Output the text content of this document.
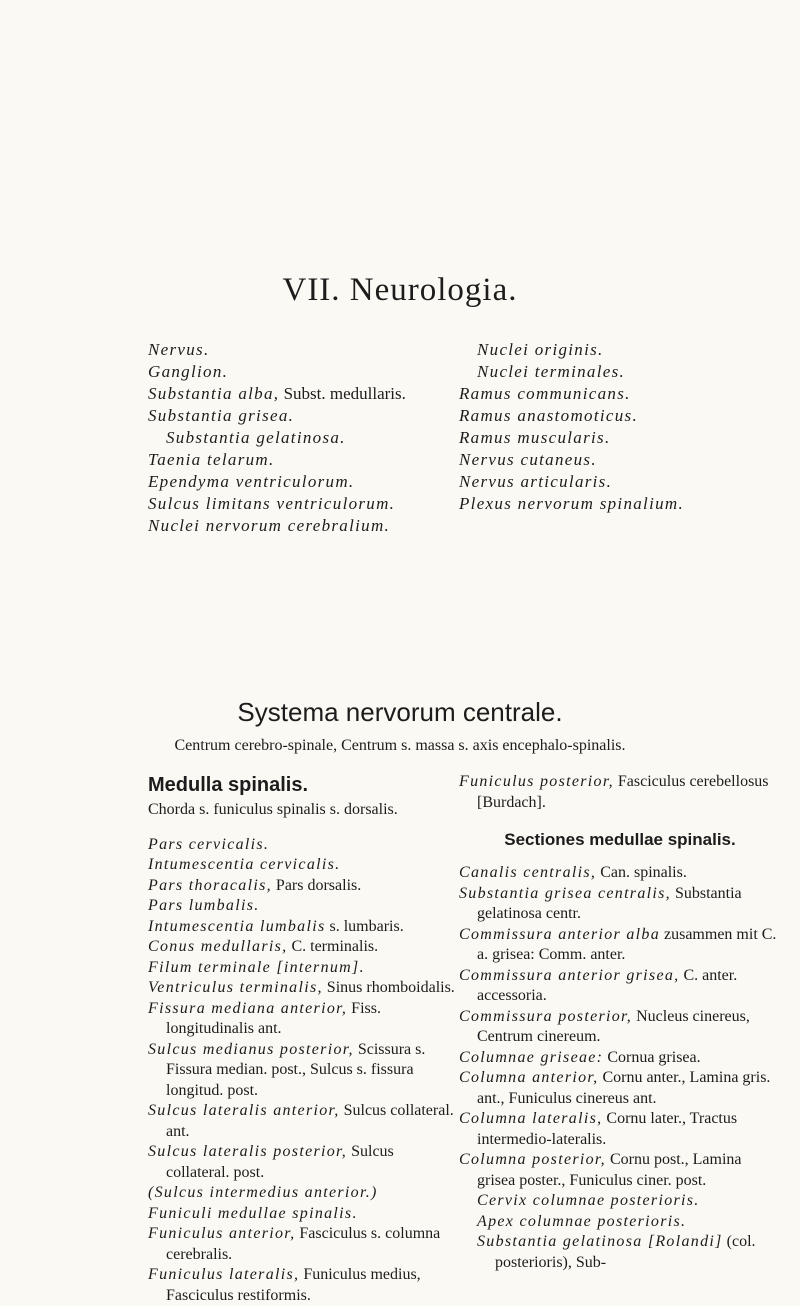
VII. Neurologia.
Nervus.
Ganglion.
Substantia alba, Subst. medullaris.
Substantia grisea.
Substantia gelatinosa.
Taenia telarum.
Ependyma ventriculorum.
Sulcus limitans ventriculorum.
Nuclei nervorum cerebralium.
Nuclei originis.
Nuclei terminales.
Ramus communicans.
Ramus anastomoticus.
Ramus muscularis.
Nervus cutaneus.
Nervus articularis.
Plexus nervorum spinalium.
Systema nervorum centrale.
Centrum cerebro-spinale, Centrum s. massa s. axis encephalo-spinalis.

Medulla spinalis.

Chorda s. funiculus spinalis s. dorsalis.

Pars cervicalis.

Intumescentia cervicalis.

Pars thoracalis, Pars dorsalis.

Pars lumbalis.

Intumescentia lumbalis s. lumbaris.

Conus medullaris, C. terminalis.

Filum terminale [internum].

Ventriculus terminalis, Sinus rhomboidalis.

Fissura mediana anterior, Fiss. longitudinalis ant.

Sulcus medianus posterior, Scissura s. Fissura median. post., Sulcus s. fissura longitud. post.

Sulcus lateralis anterior, Sulcus collateral. ant.

Sulcus lateralis posterior, Sulcus collateral. post.

(Sulcus intermedius anterior.)

Funiculi medullae spinalis.

Funiculus anterior, Fasciculus s. columna cerebralis.

Funiculus lateralis, Funiculus medius, Fasciculus restiformis.

Funiculus posterior, Fasciculus cerebellosus [Burdach].

Sectiones medullae spinalis.

Canalis centralis, Can. spinalis.

Substantia grisea centralis, Substantia gelatinosa centr.

Commissura anterior alba zusammen mit C. a. grisea: Comm. anter.

Commissura anterior grisea, C. anter. accessoria.

Commissura posterior, Nucleus cinereus, Centrum cinereum.

Columnae griseae: Cornua grisea.

Columna anterior, Cornu anter., Lamina gris. ant., Funiculus cinereus ant.

Columna lateralis, Cornu later., Tractus intermedio-lateralis.

Columna posterior, Cornu post., Lamina grisea poster., Funiculus ciner. post.

Cervix columnae posterioris.

Apex columnae posterioris.

Substantia gelatinosa [Rolandi] (col. posterioris), Sub-
